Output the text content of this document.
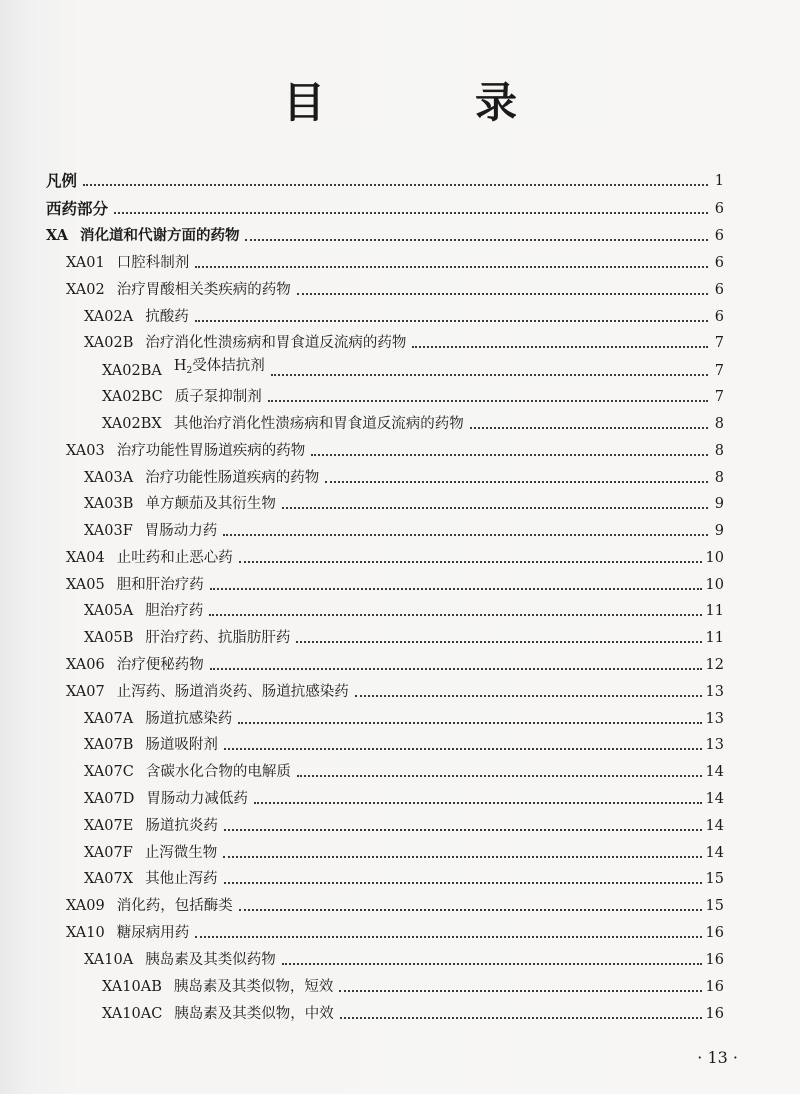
目　录
凡例	1
西药部分	6
XA 消化道和代谢方面的药物	6
XA01 口腔科制剂	6
XA02 治疗胃酸相关类疾病的药物	6
XA02A 抗酸药	6
XA02B 治疗消化性溃疡病和胃食道反流病的药物	7
XA02BA $H_2$受体拮抗剂	7
XA02BC 质子泵抑制剂	7
XA02BX 其他治疗消化性溃疡病和胃食道反流病的药物	8
XA03 治疗功能性胃肠道疾病的药物	8
XA03A 治疗功能性肠道疾病的药物	8
XA03B 单方颠茄及其衍生物	9
XA03F 胃肠动力药	9
XA04 止吐药和止恶心药	10
XA05 胆和肝治疗药	10
XA05A 胆治疗药	11
XA05B 肝治疗药、抗脂肪肝药	11
XA06 治疗便秘药物	12
XA07 止泻药、肠道消炎药、肠道抗感染药	13
XA07A 肠道抗感染药	13
XA07B 肠道吸附剂	13
XA07C 含碳水化合物的电解质	14
XA07D 胃肠动力减低药	14
XA07E 肠道抗炎药	14
XA07F 止泻微生物	14
XA07X 其他止泻药	15
XA09 消化药，包括酶类	15
XA10 糖尿病用药	16
XA10A 胰岛素及其类似药物	16
XA10AB 胰岛素及其类似物，短效	16
XA10AC 胰岛素及其类似物，中效	16
· 13 ·
